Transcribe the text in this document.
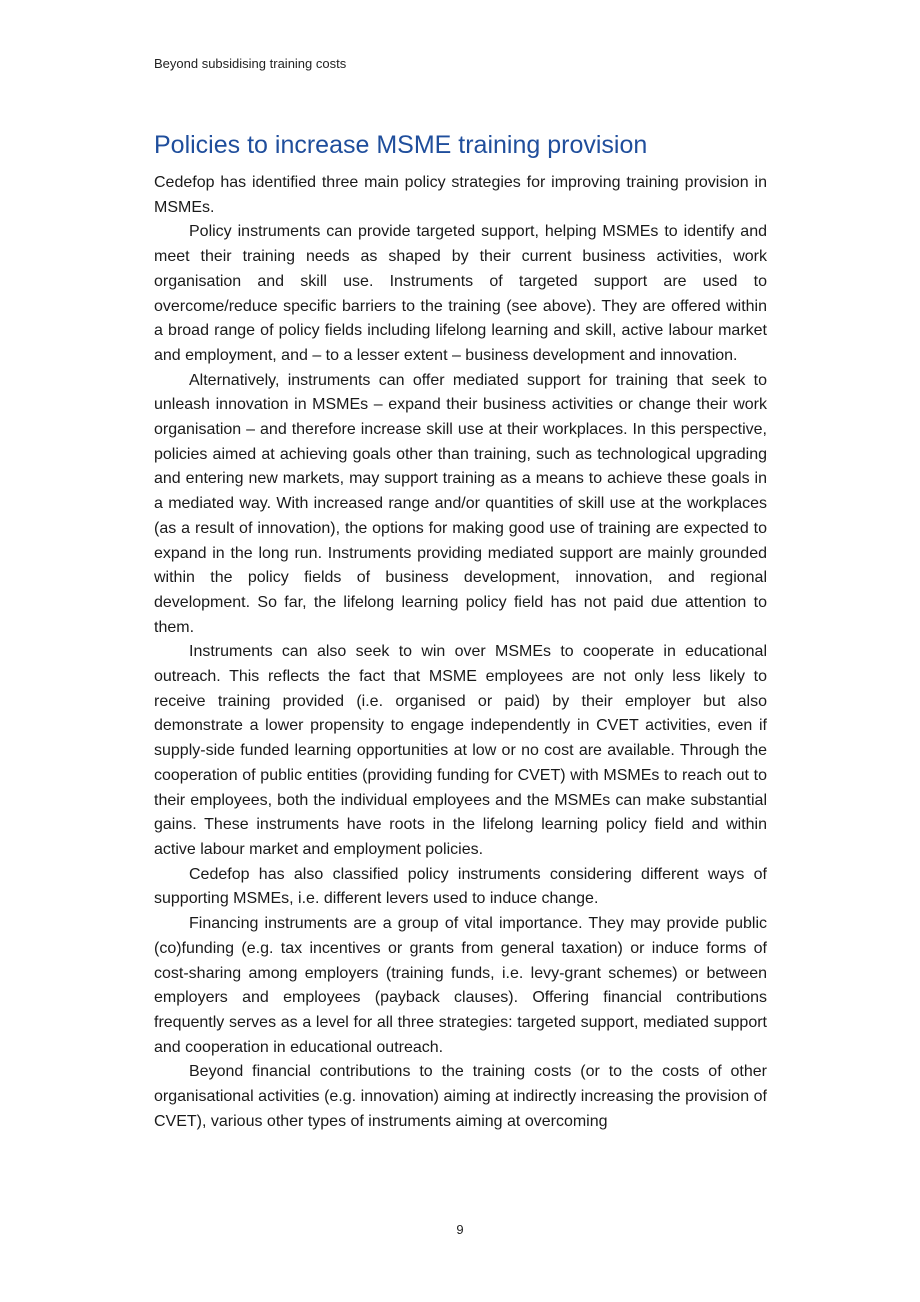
Beyond subsidising training costs
Policies to increase MSME training provision

Cedefop has identified three main policy strategies for improving training provision in MSMEs.

Policy instruments can provide targeted support, helping MSMEs to identify and meet their training needs as shaped by their current business activities, work organisation and skill use. Instruments of targeted support are used to overcome/reduce specific barriers to the training (see above). They are offered within a broad range of policy fields including lifelong learning and skill, active labour market and employment, and – to a lesser extent – business development and innovation.

Alternatively, instruments can offer mediated support for training that seek to unleash innovation in MSMEs – expand their business activities or change their work organisation – and therefore increase skill use at their workplaces. In this perspective, policies aimed at achieving goals other than training, such as technological upgrading and entering new markets, may support training as a means to achieve these goals in a mediated way. With increased range and/or quantities of skill use at the workplaces (as a result of innovation), the options for making good use of training are expected to expand in the long run. Instruments providing mediated support are mainly grounded within the policy fields of business development, innovation, and regional development. So far, the lifelong learning policy field has not paid due attention to them.

Instruments can also seek to win over MSMEs to cooperate in educational outreach. This reflects the fact that MSME employees are not only less likely to receive training provided (i.e. organised or paid) by their employer but also demonstrate a lower propensity to engage independently in CVET activities, even if supply-side funded learning opportunities at low or no cost are available. Through the cooperation of public entities (providing funding for CVET) with MSMEs to reach out to their employees, both the individual employees and the MSMEs can make substantial gains. These instruments have roots in the lifelong learning policy field and within active labour market and employment policies.

Cedefop has also classified policy instruments considering different ways of supporting MSMEs, i.e. different levers used to induce change.

Financing instruments are a group of vital importance. They may provide public (co)funding (e.g. tax incentives or grants from general taxation) or induce forms of cost-sharing among employers (training funds, i.e. levy-grant schemes) or between employers and employees (payback clauses). Offering financial contributions frequently serves as a level for all three strategies: targeted support, mediated support and cooperation in educational outreach.

Beyond financial contributions to the training costs (or to the costs of other organisational activities (e.g. innovation) aiming at indirectly increasing the provision of CVET), various other types of instruments aiming at overcoming

9
